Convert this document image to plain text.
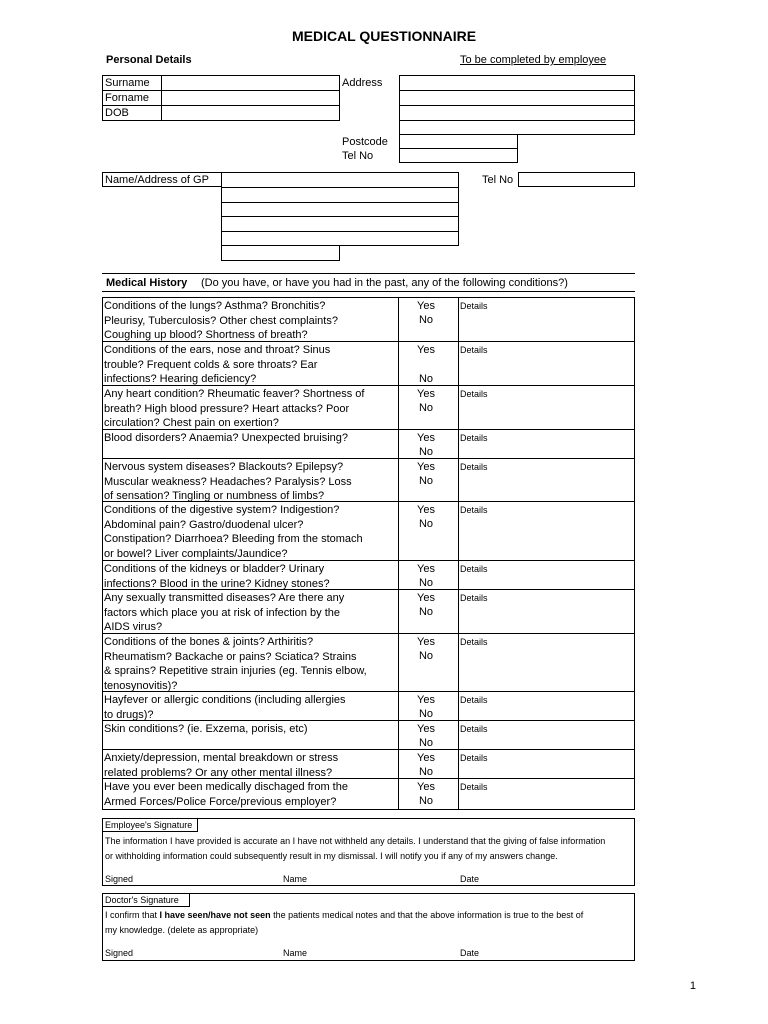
MEDICAL QUESTIONNAIRE
Personal Details	To be completed by employee
Surname
Forname
DOB
Address
Postcode
Tel No
Name/Address of GP	Tel No
Medical History (Do you have, or have you had in the past, any of the following conditions?)
Conditions of the lungs? Asthma? Bronchitis?
Pleurisy, Tuberculosis? Other chest complaints?
Coughing up blood? Shortness of breath?
Yes
No
Details
Conditions of the ears, nose and throat? Sinus
trouble? Frequent colds & sore throats? Ear
infections? Hearing deficiency?
Yes
No
Details
Any heart condition? Rheumatic feaver? Shortness of
breath? High blood pressure? Heart attacks? Poor
circulation? Chest pain on exertion?
Yes
No
Details
Blood disorders? Anaemia? Unexpected bruising?	Yes
No
Details
Nervous system diseases? Blackouts? Epilepsy?
Muscular weakness? Headaches? Paralysis? Loss
of sensation? Tingling or numbness of limbs?
Yes
No
Details
Conditions of the digestive system? Indigestion?
Abdominal pain? Gastro/duodenal ulcer?
Constipation? Diarrhoea? Bleeding from the stomach
or bowel? Liver complaints/Jaundice?
Yes
No
Details
Conditions of the kidneys or bladder? Urinary
infections? Blood in the urine? Kidney stones?
Yes
No
Details
Any sexually transmitted diseases? Are there any
factors which place you at risk of infection by the
AIDS virus?
Yes
No
Details
Conditions of the bones & joints? Arthiritis?
Rheumatism? Backache or pains? Sciatica? Strains
& sprains? Repetitive strain injuries (eg. Tennis elbow,
tenosynovitis)?
Yes
No
Details
Hayfever or allergic conditions (including allergies
to drugs)?
Yes
No
Details
Skin conditions? (ie. Exzema, porisis, etc)	Yes
No
Details
Anxiety/depression, mental breakdown or stress
related problems? Or any other mental illness?
Yes
No
Details
Have you ever been medically dischaged from the
Armed Forces/Police Force/previous employer?
Yes
No
Details
Employee's Signature
The information I have provided is accurate an I have not withheld any details. I understand that the giving of false information
or withholding information could subsequently result in my dismissal. I will notify you if any of my answers change.
Signed	Name	Date
Doctor's Signature
I confirm that I have seen/have not seen the patients medical notes and that the above information is true to the best of
my knowledge. (delete as appropriate)
Signed	Name	Date
1
